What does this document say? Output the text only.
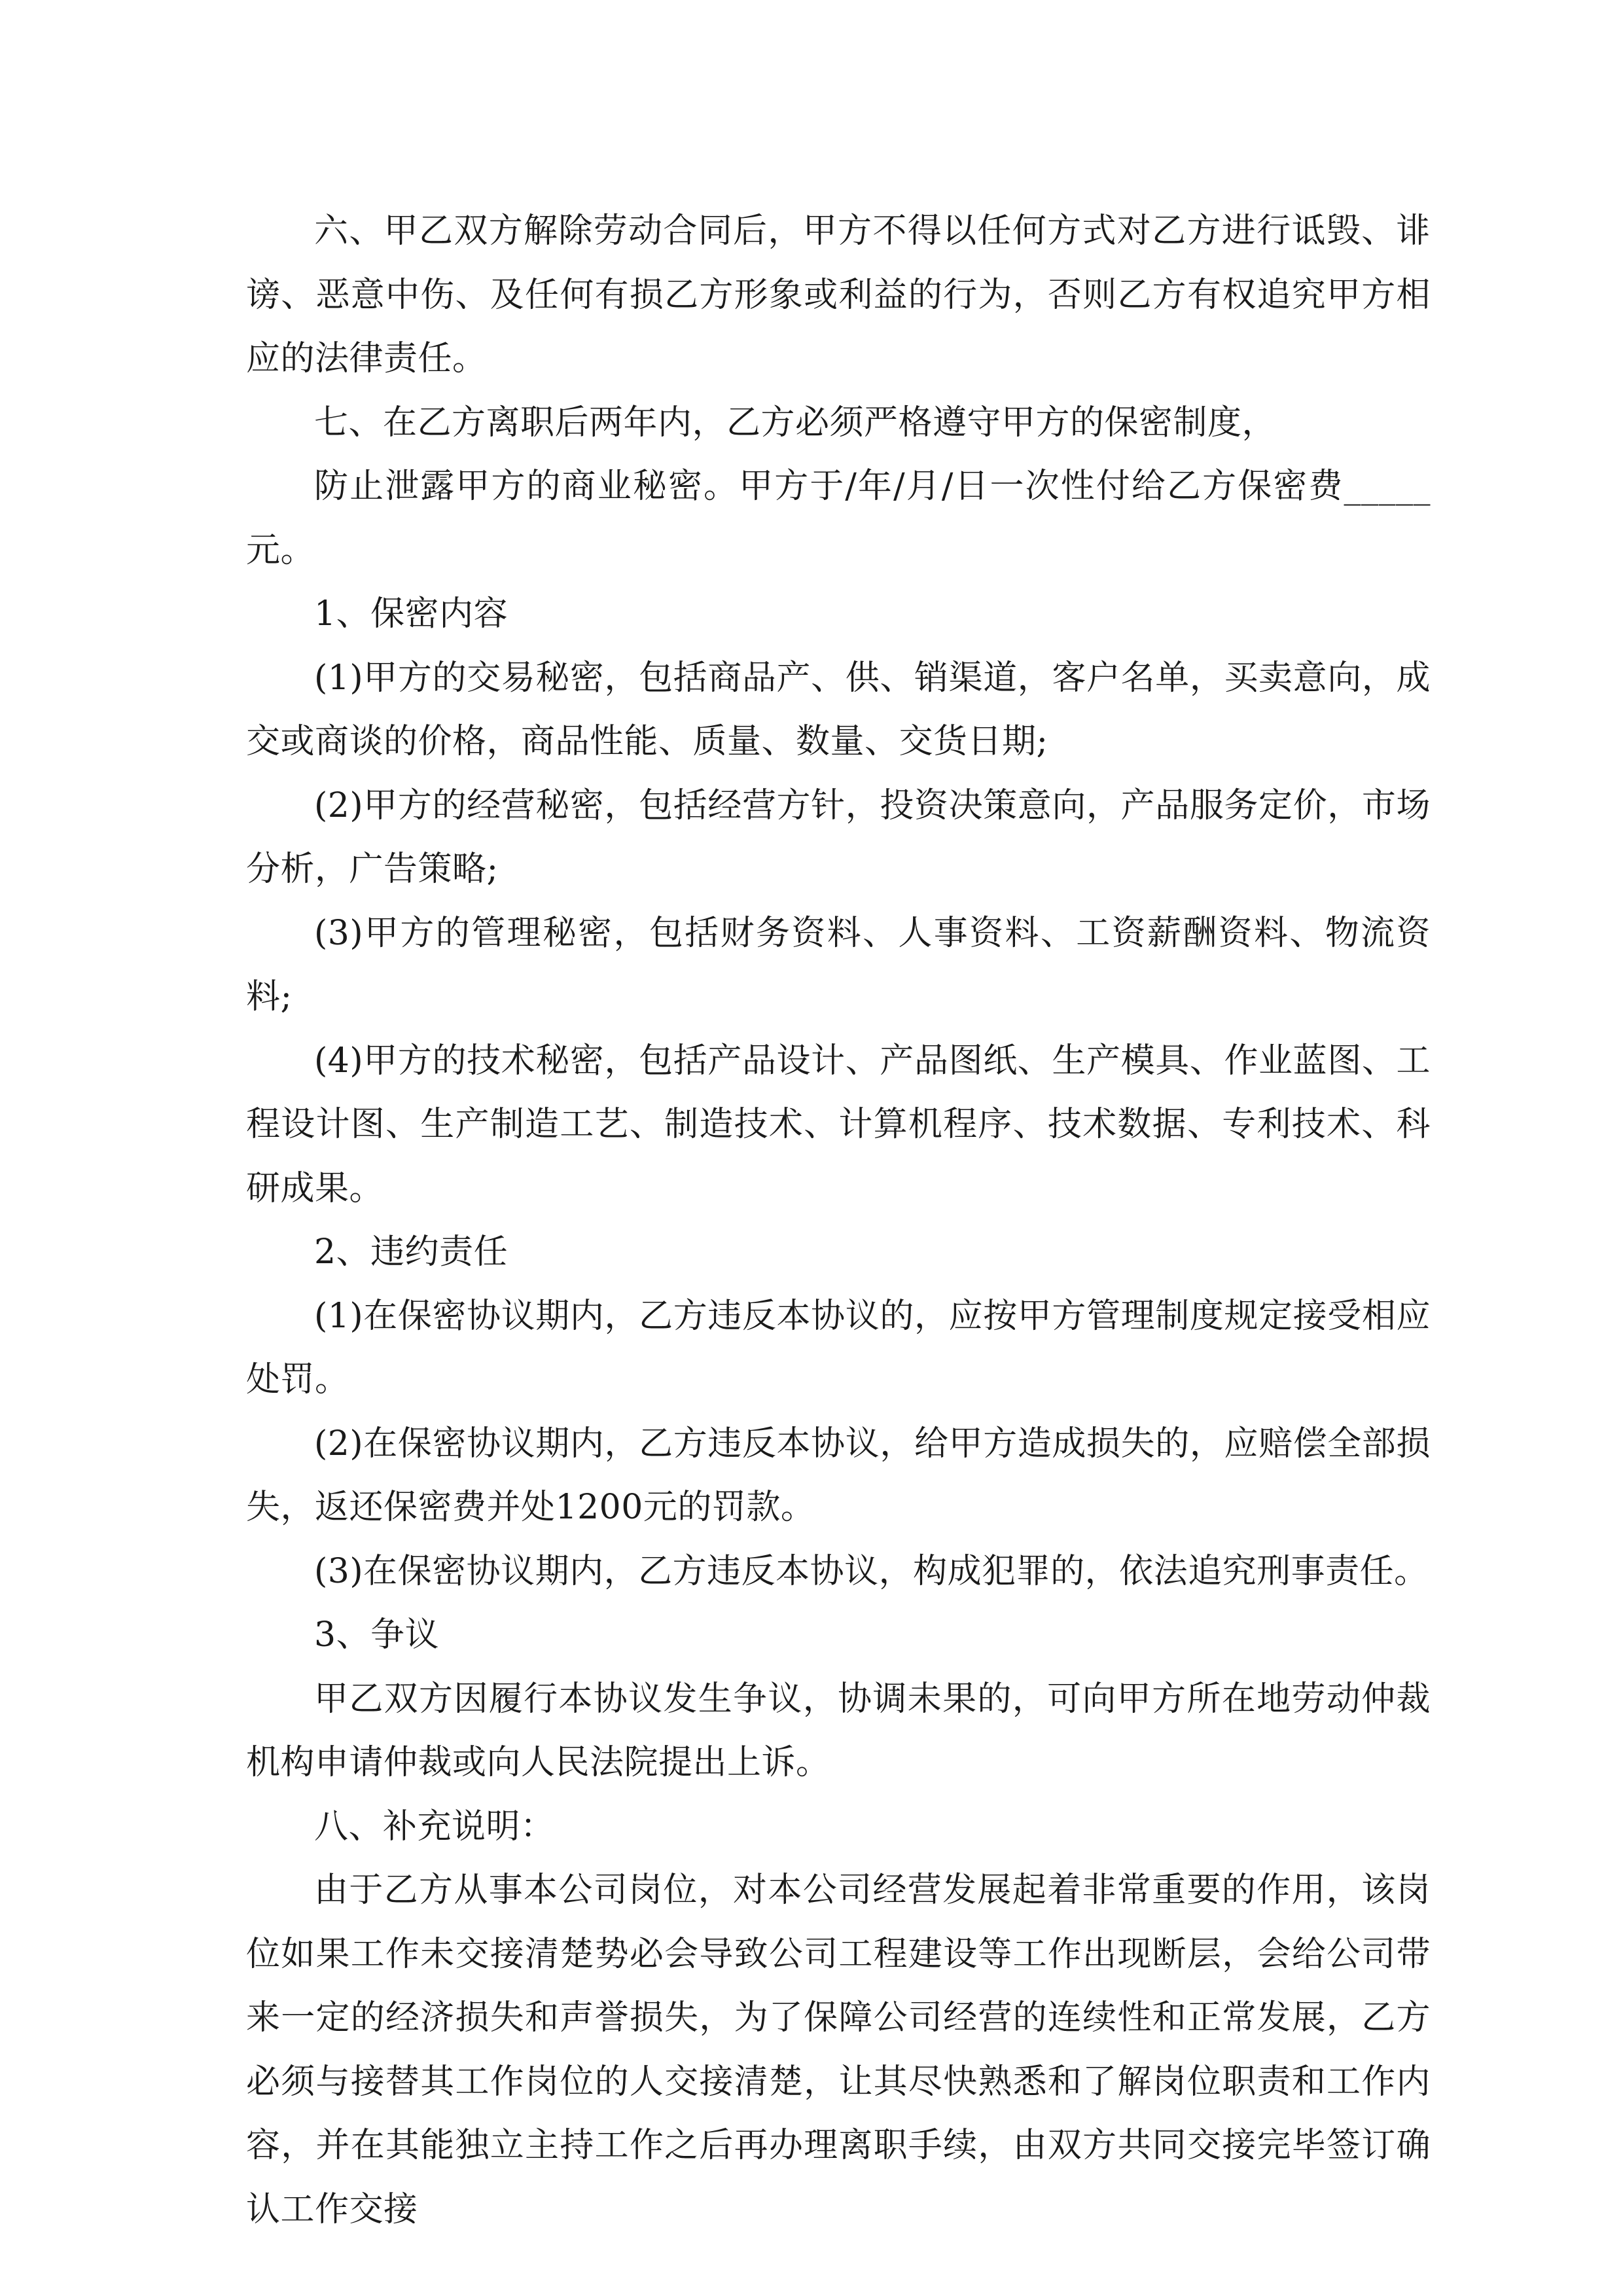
六、甲乙双方解除劳动合同后，甲方不得以任何方式对乙方进行诋毁、诽谤、恶意中伤、及任何有损乙方形象或利益的行为，否则乙方有权追究甲方相应的法律责任。

七、在乙方离职后两年内，乙方必须严格遵守甲方的保密制度，

防止泄露甲方的商业秘密。甲方于/年/月/日一次性付给乙方保密费_____元。

1、保密内容

(1)甲方的交易秘密，包括商品产、供、销渠道，客户名单，买卖意向，成交或商谈的价格，商品性能、质量、数量、交货日期;

(2)甲方的经营秘密，包括经营方针，投资决策意向，产品服务定价，市场分析，广告策略;

(3)甲方的管理秘密，包括财务资料、人事资料、工资薪酬资料、物流资料;

(4)甲方的技术秘密，包括产品设计、产品图纸、生产模具、作业蓝图、工程设计图、生产制造工艺、制造技术、计算机程序、技术数据、专利技术、科研成果。

2、违约责任

(1)在保密协议期内，乙方违反本协议的，应按甲方管理制度规定接受相应处罚。

(2)在保密协议期内，乙方违反本协议，给甲方造成损失的，应赔偿全部损失，返还保密费并处1200元的罚款。

(3)在保密协议期内，乙方违反本协议，构成犯罪的，依法追究刑事责任。

3、争议

甲乙双方因履行本协议发生争议，协调未果的，可向甲方所在地劳动仲裁机构申请仲裁或向人民法院提出上诉。

八、补充说明：

由于乙方从事本公司岗位，对本公司经营发展起着非常重要的作用，该岗位如果工作未交接清楚势必会导致公司工程建设等工作出现断层，会给公司带来一定的经济损失和声誉损失，为了保障公司经营的连续性和正常发展，乙方必须与接替其工作岗位的人交接清楚，让其尽快熟悉和了解岗位职责和工作内容，并在其能独立主持工作之后再办理离职手续，由双方共同交接完毕签订确认工作交接
